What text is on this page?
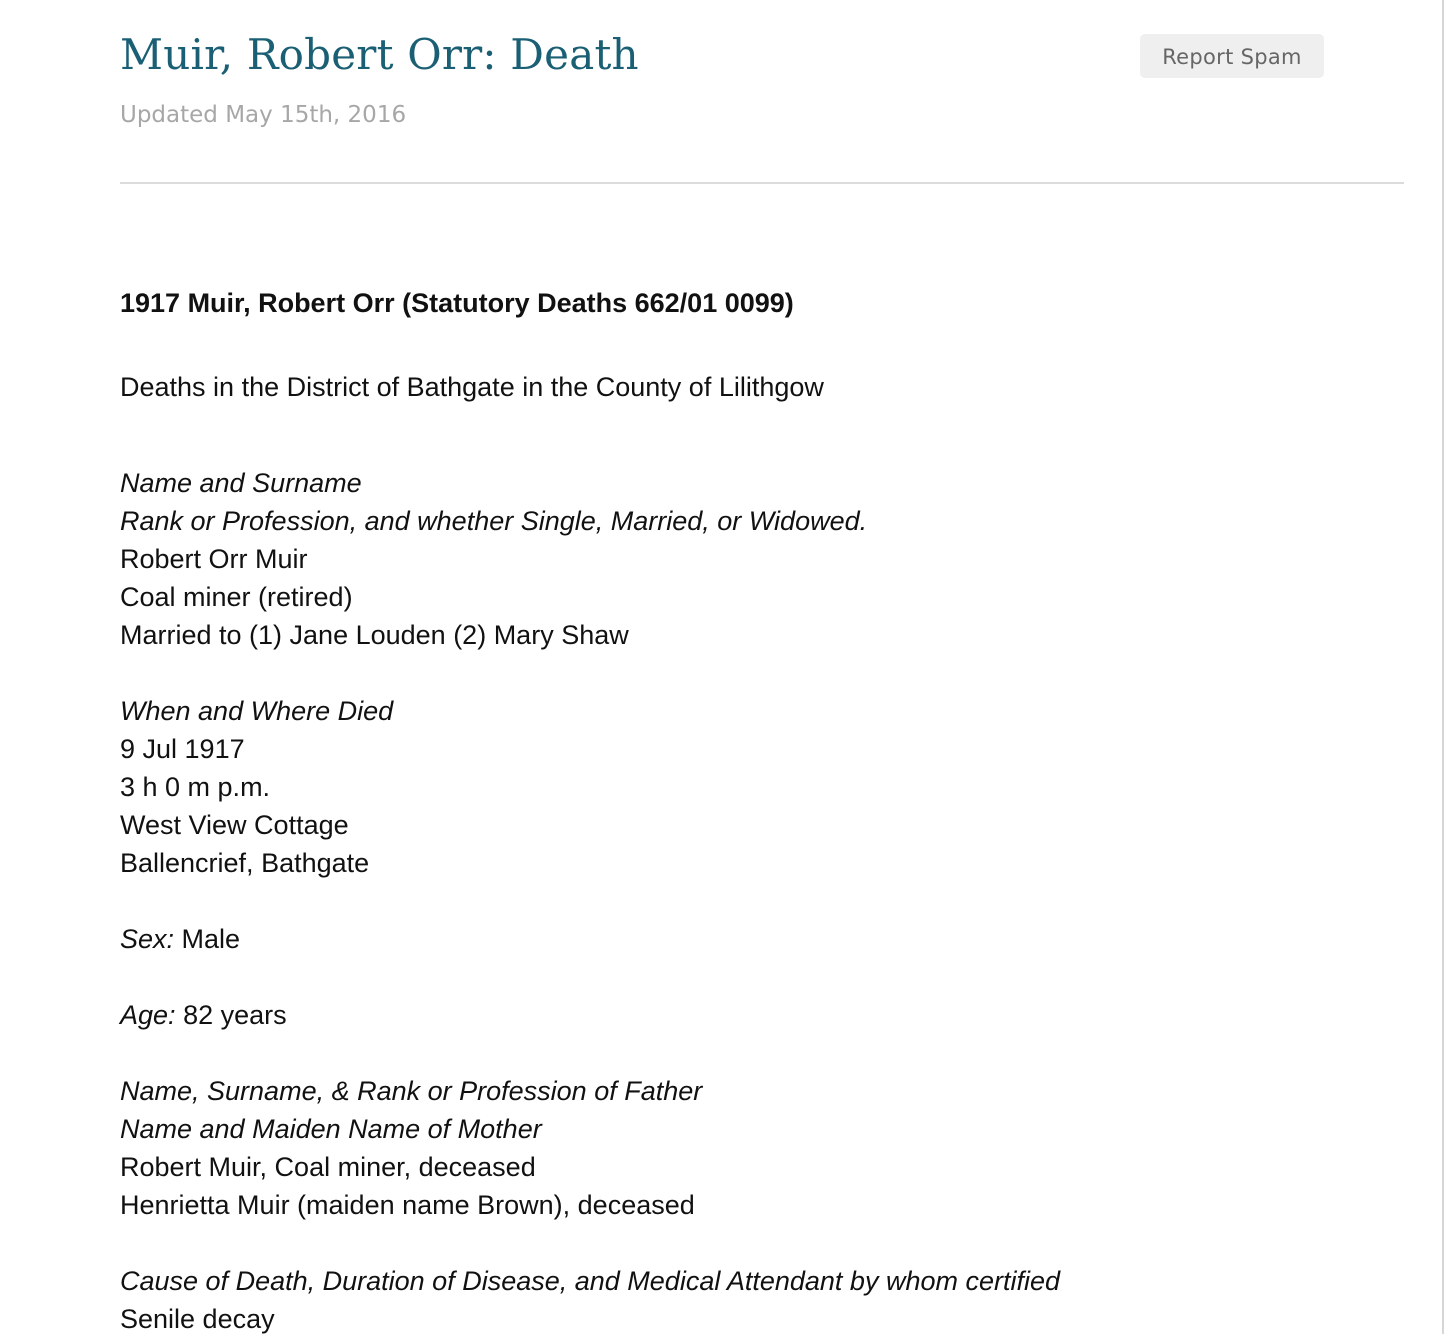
Muir, Robert Orr: Death
Updated May 15th, 2016
Report Spam

1917 Muir, Robert Orr (Statutory Deaths 662/01 0099)

Deaths in the District of Bathgate in the County of Lilithgow
Name and Surname
Rank or Profession, and whether Single, Married, or Widowed.
Robert Orr Muir
Coal miner (retired)
Married to (1) Jane Louden (2) Mary Shaw
When and Where Died
9 Jul 1917
3 h 0 m p.m.
West View Cottage
Ballencrief, Bathgate
Sex: Male
Age: 82 years
Name, Surname, & Rank or Profession of Father
Name and Maiden Name of Mother
Robert Muir, Coal miner, deceased
Henrietta Muir (maiden name Brown), deceased
Cause of Death, Duration of Disease, and Medical Attendant by whom certified
Senile decay
